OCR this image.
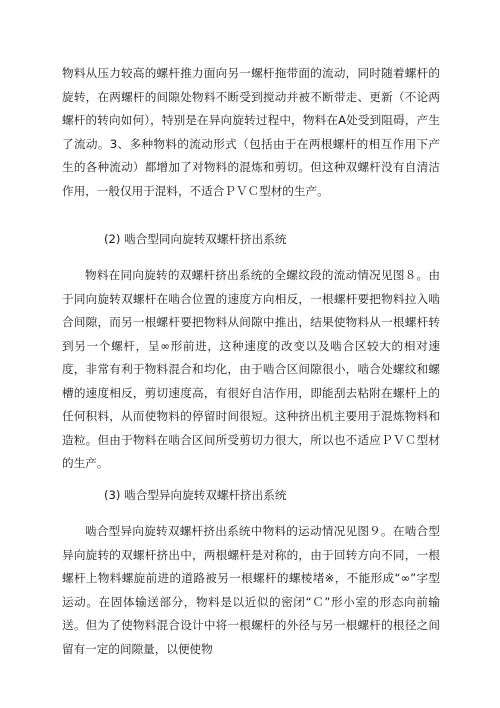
物料从压力较高的螺杆推力面向另一螺杆拖带面的流动，同时随着螺杆的旋转，在两螺杆的间隙处物料不断受到搅动并被不断带走、更新（不论两螺杆的转向如何），特别是在异向旋转过程中，物料在A处受到阻碍，产生了流动。3、多种物料的流动形式（包括由于在两根螺杆的相互作用下产生的各种流动）都增加了对物料的混炼和剪切。但这种双螺杆没有自清洁作用，一般仅用于混料，不适合ＰＶＣ型材的生产。
(2) 啮合型同向旋转双螺杆挤出系统
物料在同向旋转的双螺杆挤出系统的全螺纹段的流动情况见图８。由于同向旋转双螺杆在啮合位置的速度方向相反，一根螺杆要把物料拉入啮合间隙，而另一根螺杆要把物料从间隙中推出，结果使物料从一根螺杆转到另一个螺杆，呈∞形前进，这种速度的改变以及啮合区较大的相对速度，非常有利于物料混合和均化，由于啮合区间隙很小，啮合处螺纹和螺槽的速度相反，剪切速度高，有很好自洁作用，即能刮去粘附在螺杆上的任何积料，从而使物料的停留时间很短。这种挤出机主要用于混炼物料和造粒。但由于物料在啮合区间所受剪切力很大，所以也不适应ＰＶＣ型材的生产。
(3) 啮合型异向旋转双螺杆挤出系统
啮合型异向旋转双螺杆挤出系统中物料的运动情况见图９。在啮合型异向旋转的双螺杆挤出中，两根螺杆是对称的，由于回转方向不同，一根螺杆上物料螺旋前进的道路被另一根螺杆的螺棱堵※，不能形成“∞”字型运动。在固体输送部分，物料是以近似的密闭“Ｃ”形小室的形态向前输送。但为了使物料混合设计中将一根螺杆的外径与另一根螺杆的根径之间留有一定的间隙量，以便使物
